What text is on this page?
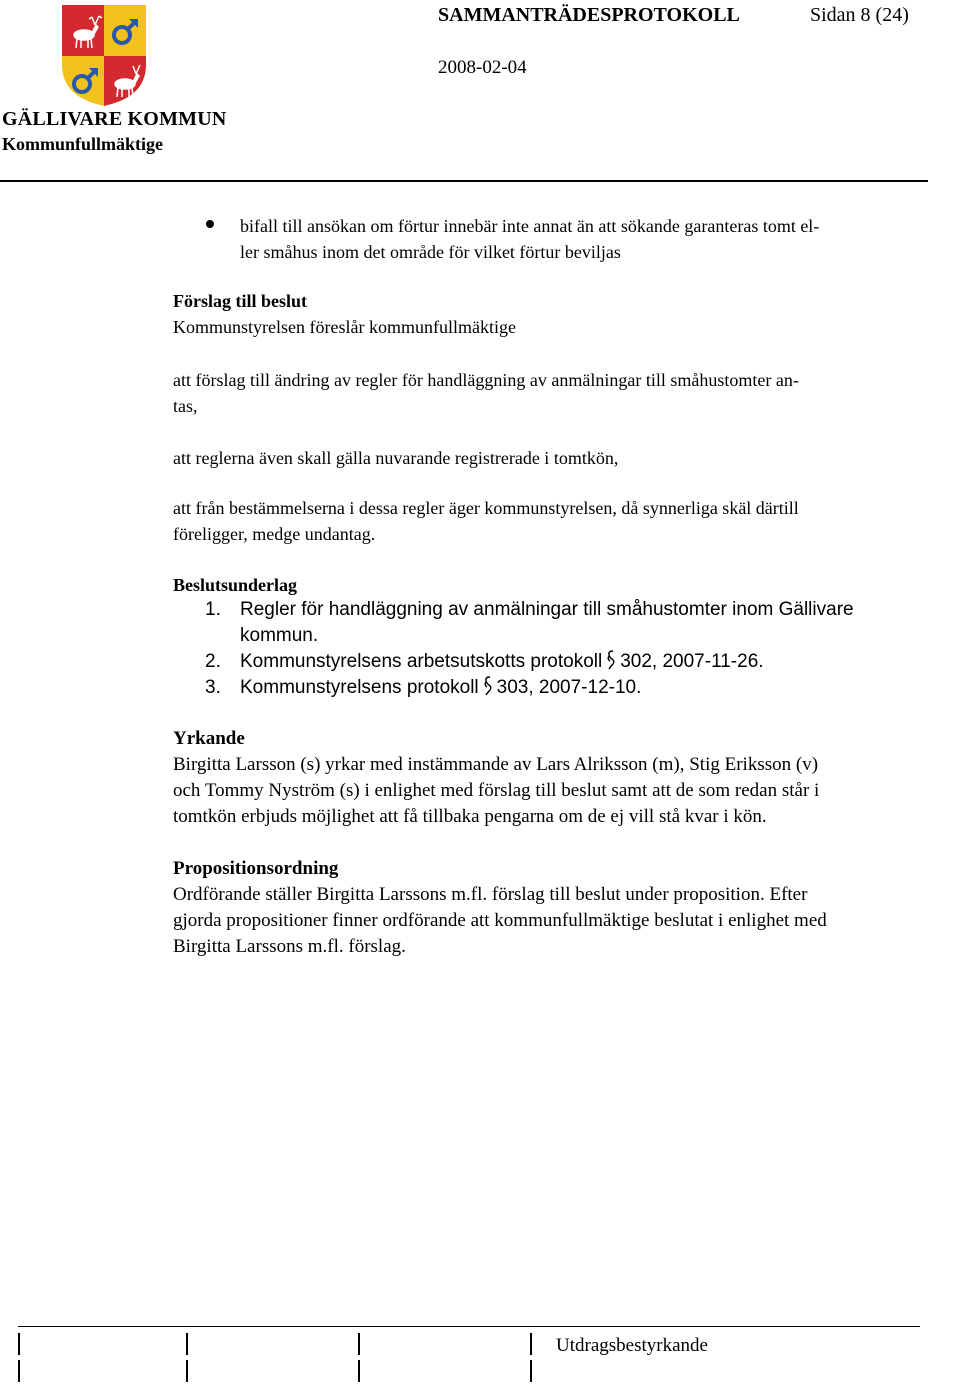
SAMMANTRÄDESPROTOKOLL	Sidan 8 (24)
2008-02-04
GÄLLIVARE KOMMUN
Kommunfullmäktige
bifall till ansökan om förtur innebär inte annat än att sökande garanteras tomt el-
ler småhus inom det område för vilket förtur beviljas
Förslag till beslut
Kommunstyrelsen föreslår kommunfullmäktige
att förslag till ändring av regler för handläggning av anmälningar till småhustomter an-
tas,
att reglerna även skall gälla nuvarande registrerade i tomtkön,
att från bestämmelserna i dessa regler äger kommunstyrelsen, då synnerliga skäl därtill
föreligger, medge undantag.
Beslutsunderlag
1. Regler för handläggning av anmälningar till småhustomter inom Gällivare
kommun.
2. Kommunstyrelsens arbetsutskotts protokoll 302, 2007-11-26.
3. Kommunstyrelsens protokoll 303, 2007-12-10.
Yrkande
Birgitta Larsson (s) yrkar med instämmande av Lars Alriksson (m), Stig Eriksson (v)
och Tommy Nyström (s) i enlighet med förslag till beslut samt att de som redan står i
tomtkön erbjuds möjlighet att få tillbaka pengarna om de ej vill stå kvar i kön.
Propositionsordning
Ordförande ställer Birgitta Larssons m.fl. förslag till beslut under proposition. Efter
gjorda propositioner finner ordförande att kommunfullmäktige beslutat i enlighet med
Birgitta Larssons m.fl. förslag.
Utdragsbestyrkande
